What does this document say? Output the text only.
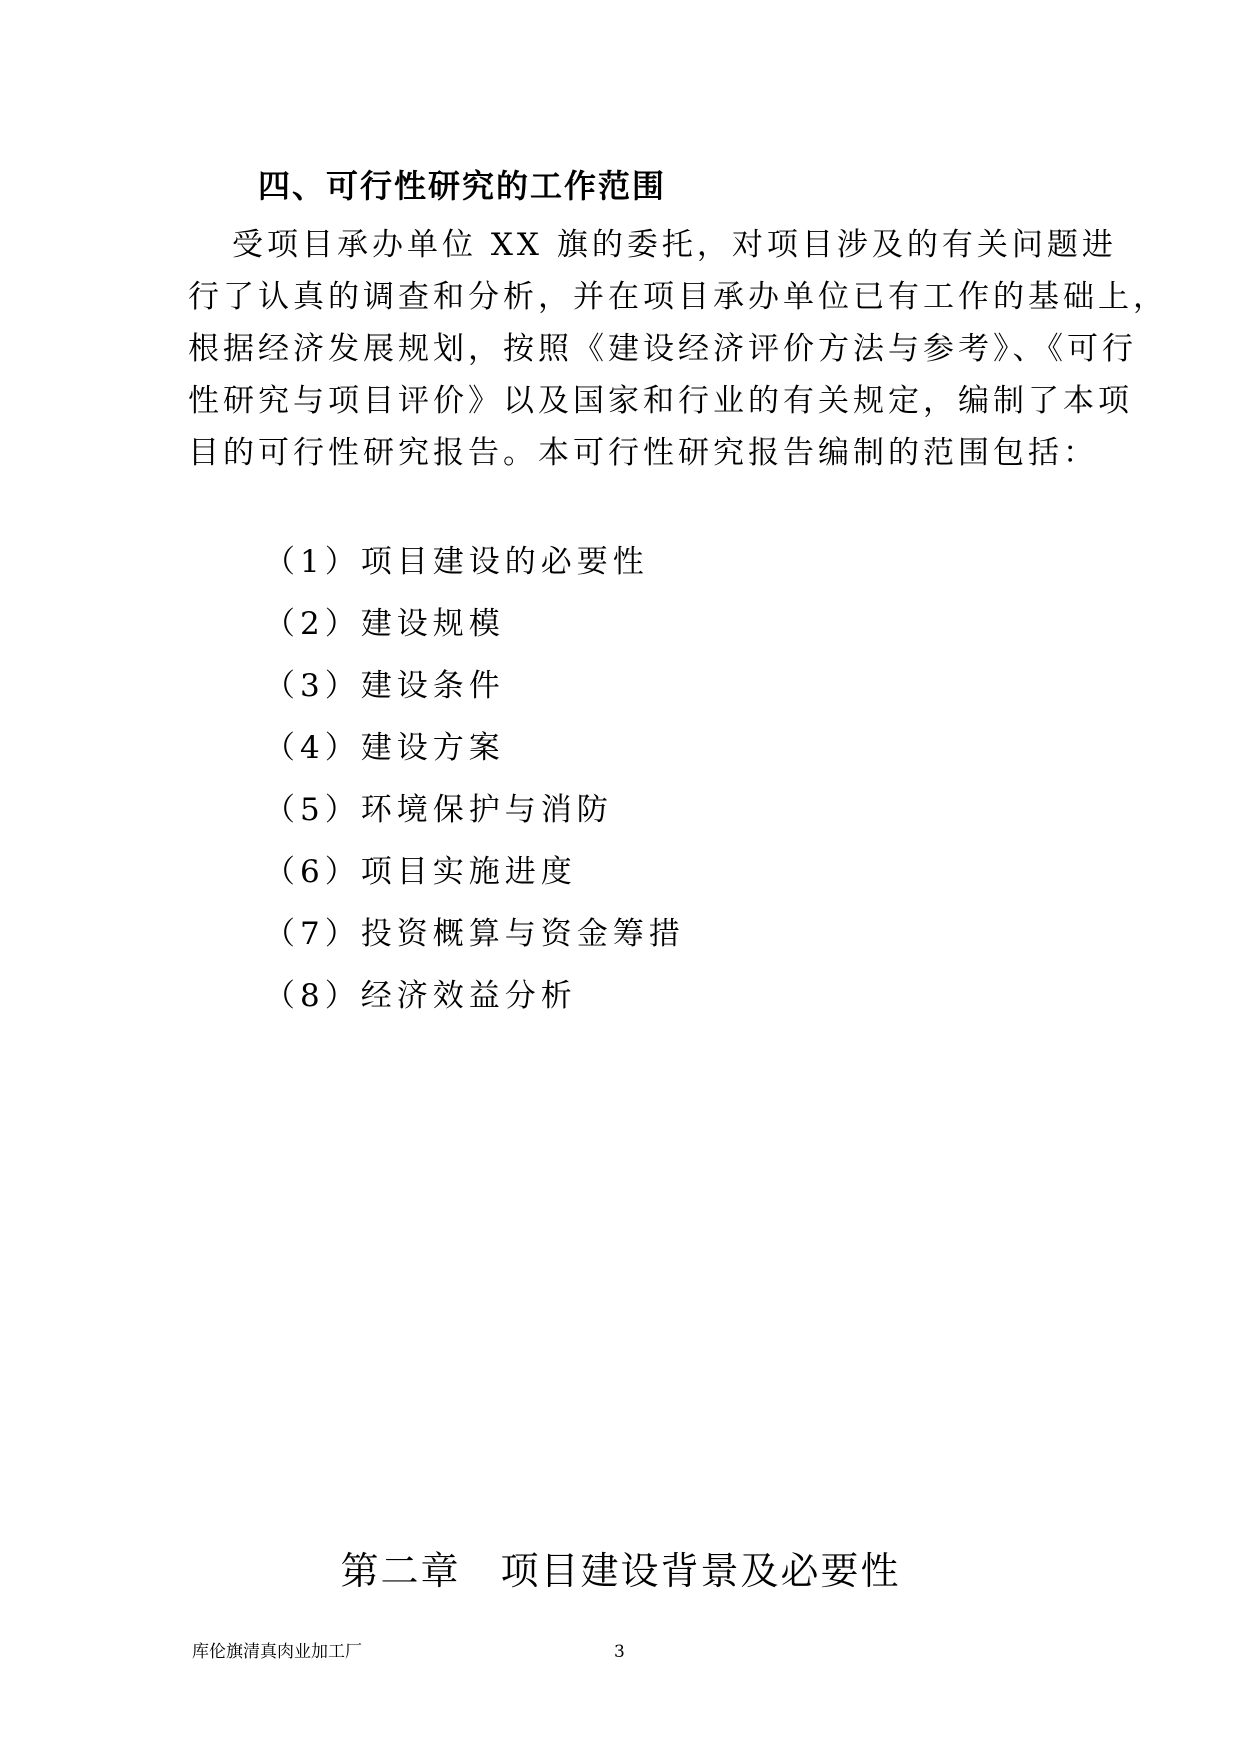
四、可行性研究的工作范围
受项目承办单位 XX 旗的委托，对项目涉及的有关问题进
行了认真的调查和分析，并在项目承办单位已有工作的基础上，
根据经济发展规划，按照《建设经济评价方法与参考》、《可行
性研究与项目评价》以及国家和行业的有关规定，编制了本项
目的可行性研究报告。本可行性研究报告编制的范围包括：
（1）项目建设的必要性
（2）建设规模
（3）建设条件
（4）建设方案
（5）环境保护与消防
（6）项目实施进度
（7）投资概算与资金筹措
（8）经济效益分析
第二章　项目建设背景及必要性
库伦旗清真肉业加工厂	3
